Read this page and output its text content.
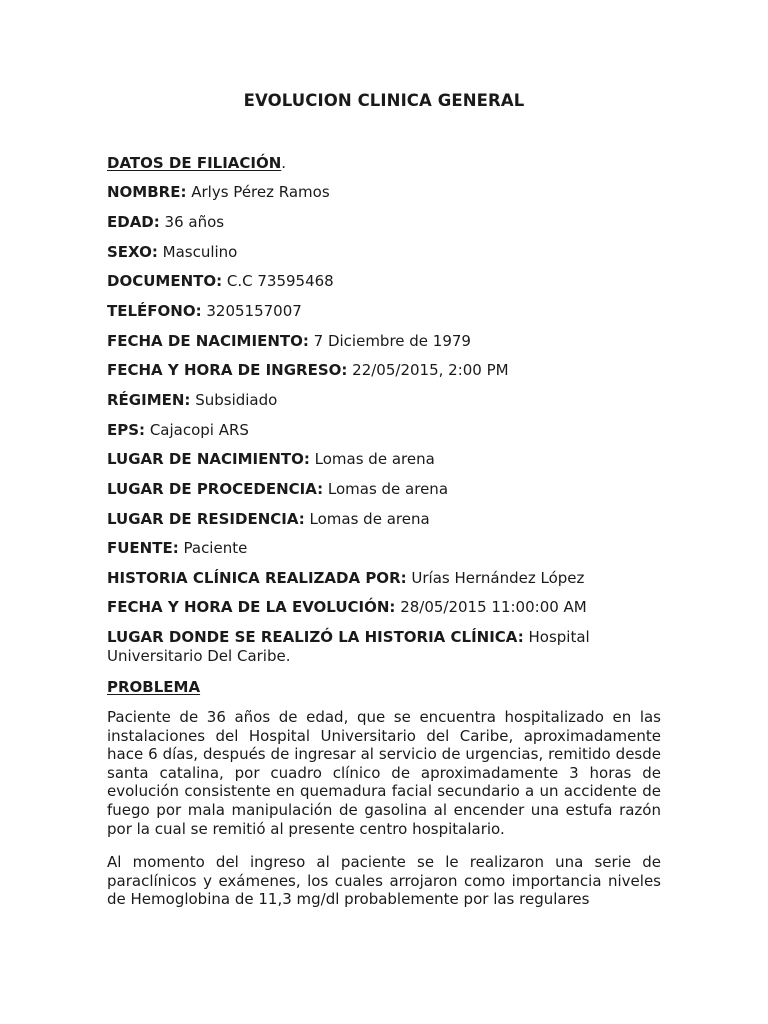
EVOLUCION CLINICA GENERAL
DATOS DE FILIACIÓN.
NOMBRE: Arlys Pérez Ramos
EDAD: 36 años
SEXO: Masculino
DOCUMENTO: C.C 73595468
TELÉFONO: 3205157007
FECHA DE NACIMIENTO: 7 Diciembre de 1979
FECHA Y HORA DE INGRESO: 22/05/2015, 2:00 PM
RÉGIMEN: Subsidiado
EPS: Cajacopi ARS
LUGAR DE NACIMIENTO: Lomas de arena
LUGAR DE PROCEDENCIA: Lomas de arena
LUGAR DE RESIDENCIA: Lomas de arena
FUENTE: Paciente
HISTORIA CLÍNICA REALIZADA POR: Urías Hernández López
FECHA Y HORA DE LA EVOLUCIÓN: 28/05/2015 11:00:00 AM
LUGAR DONDE SE REALIZÓ LA HISTORIA CLÍNICA: Hospital Universitario Del Caribe.
PROBLEMA

Paciente de 36 años de edad, que se encuentra hospitalizado en las instalaciones del Hospital Universitario del Caribe, aproximadamente hace 6 días, después de ingresar al servicio de urgencias, remitido desde santa catalina, por cuadro clínico de aproximadamente 3 horas de evolución consistente en quemadura facial secundario a un accidente de fuego por mala manipulación de gasolina al encender una estufa razón por la cual se remitió al presente centro hospitalario.

Al momento del ingreso al paciente se le realizaron una serie de paraclínicos y exámenes, los cuales arrojaron como importancia niveles de Hemoglobina de 11,3 mg/dl probablemente por las regulares
